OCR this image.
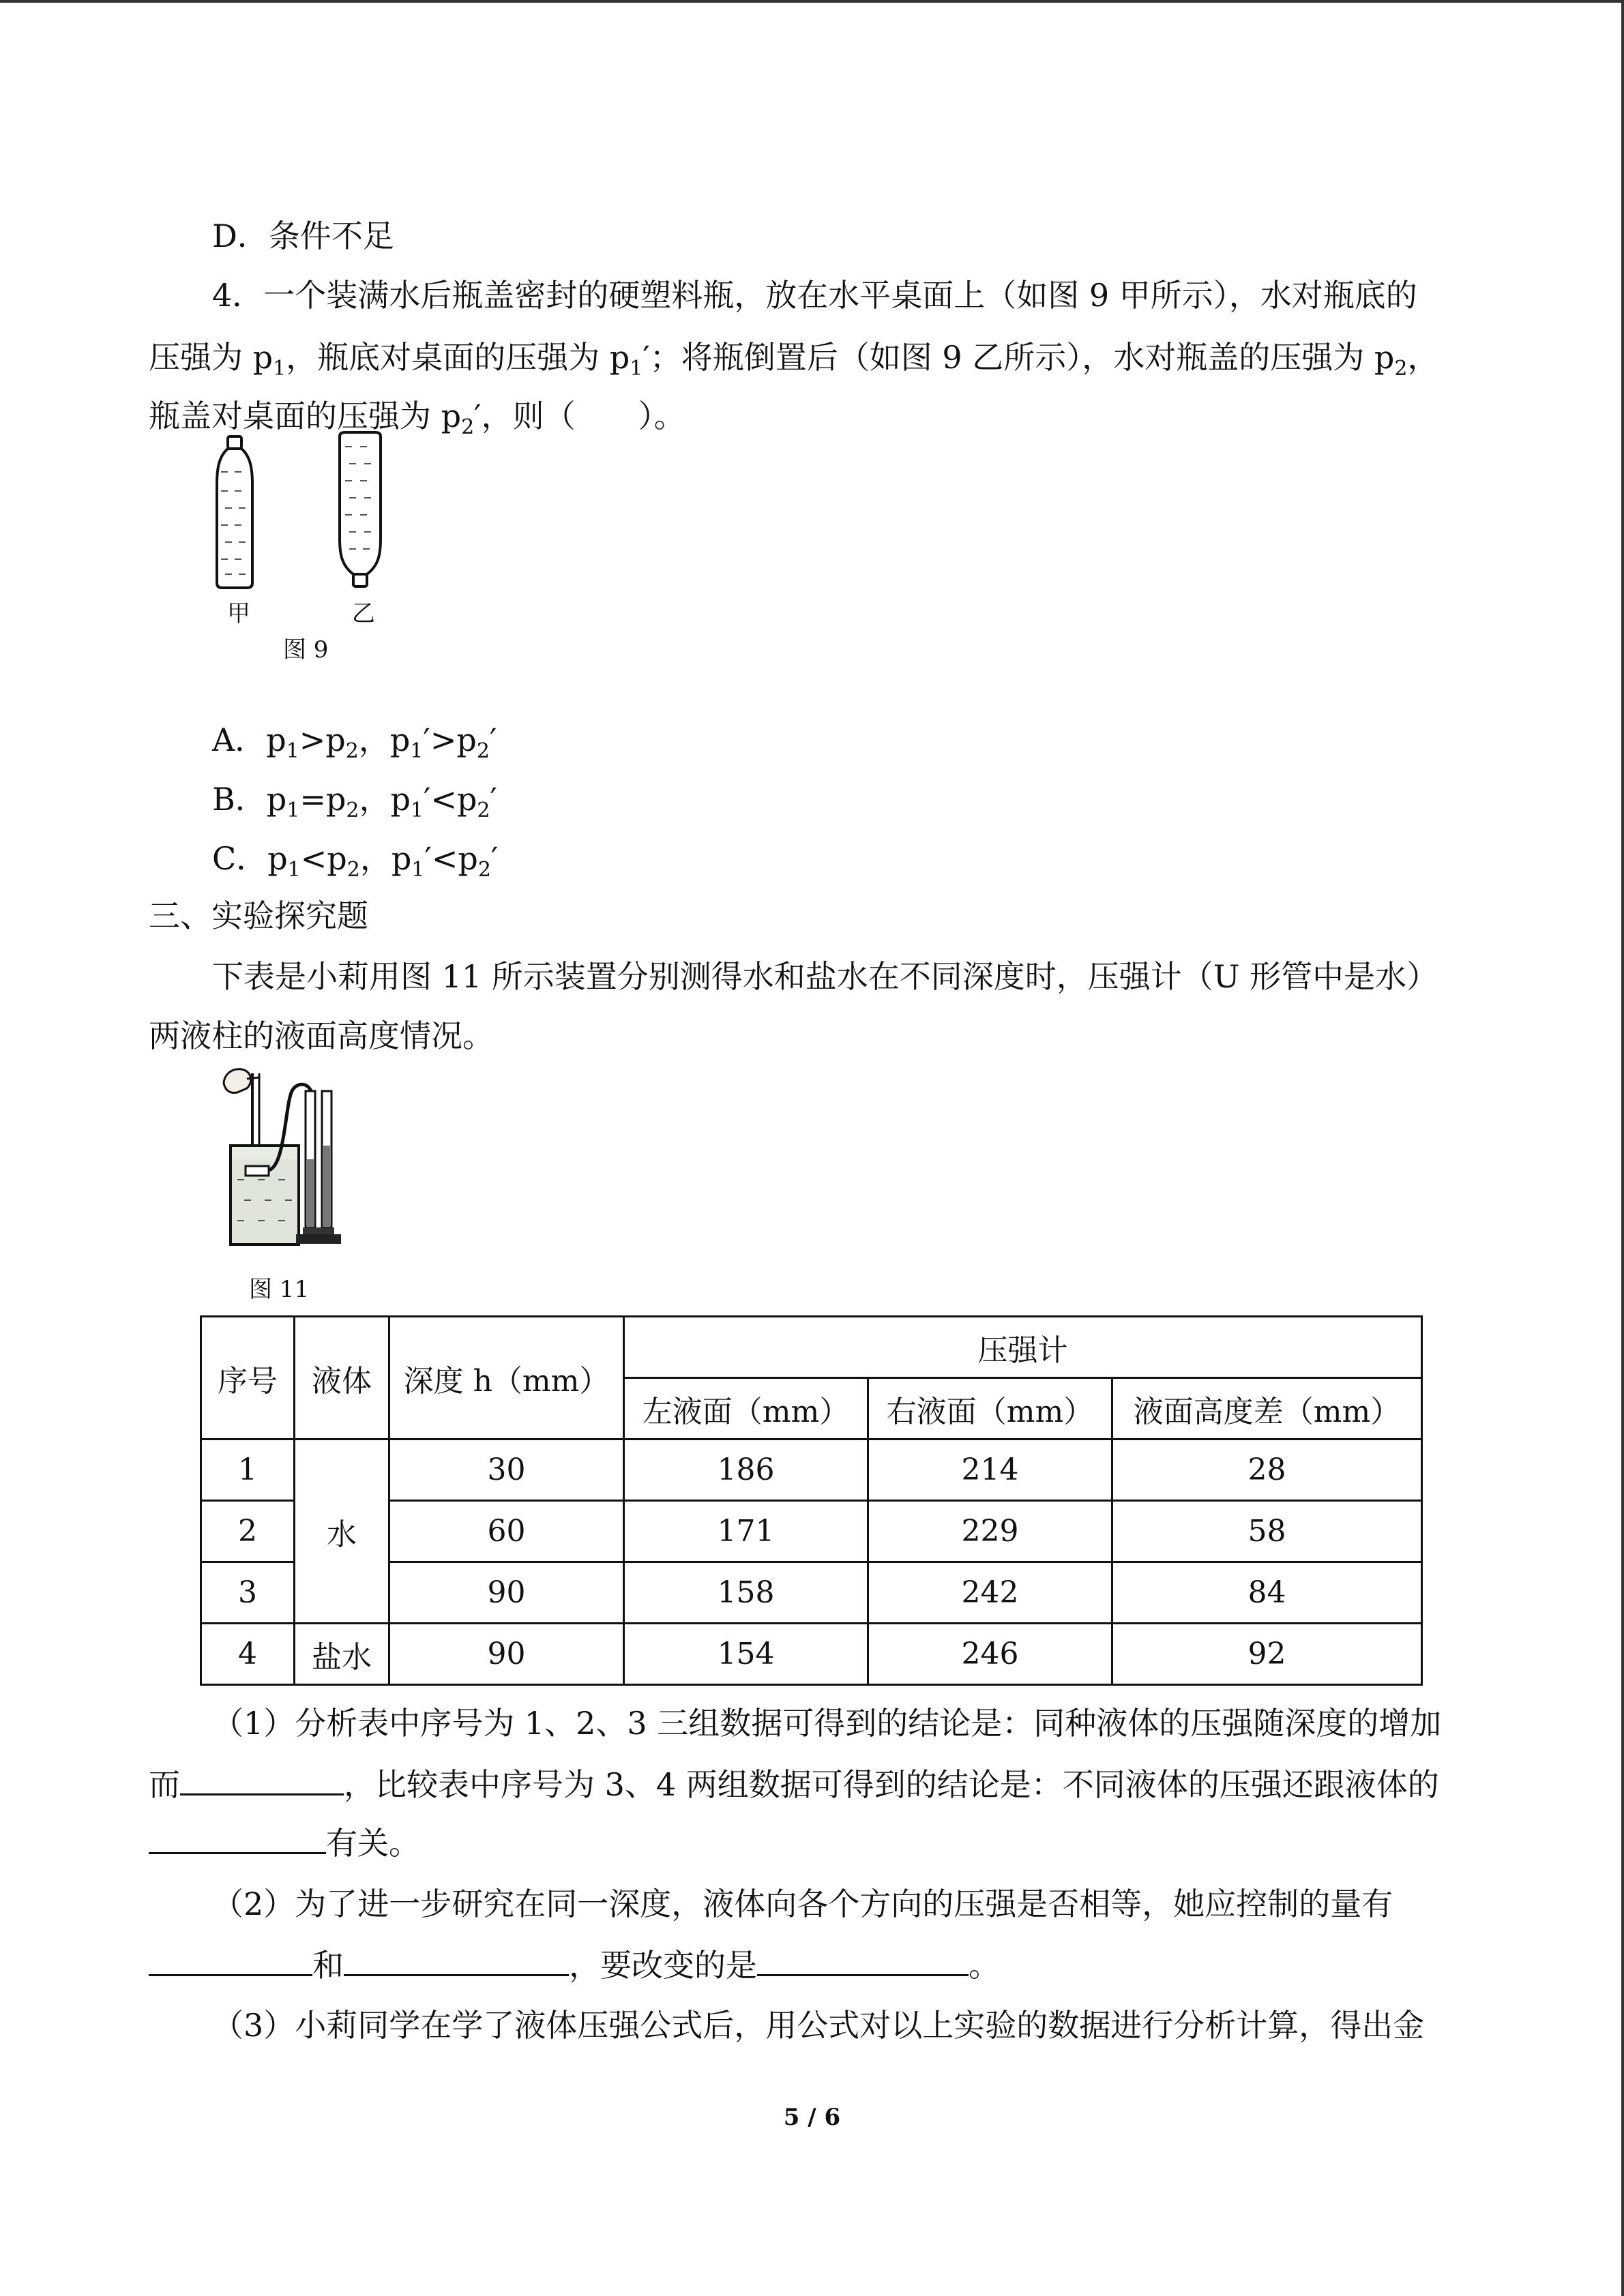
D．条件不足
4．一个装满水后瓶盖密封的硬塑料瓶，放在水平桌面上（如图 9 甲所示），水对瓶底的
压强为 $p_1$，瓶底对桌面的压强为 $p_1'$；将瓶倒置后（如图 9 乙所示），水对瓶盖的压强为 $p_2$，
瓶盖对桌面的压强为 $p_2'$，则（　　）。
甲	乙
图 9
A．$p_1>p_2$，$p_1'>p_2'$
B．$p_1=p_2$，$p_1'<p_2'$
C．$p_1<p_2$，$p_1'<p_2'$
三、实验探究题
下表是小莉用图 11 所示装置分别测得水和盐水在不同深度时，压强计（U 形管中是水）
两液柱的液面高度情况。
图 11
序号	液体	深度 h（mm）	压强计		
			左液面（mm）	右液面（mm）	液面高度差（mm）
1	水	30	186	214	28
2		60	171	229	58
3		90	158	242	84
4	盐水	90	154	246	92
（1）分析表中序号为 1、2、3 三组数据可得到的结论是：同种液体的压强随深度的增加
而	，比较表中序号为 3、4 两组数据可得到的结论是：不同液体的压强还跟液体的
有关。
（2）为了进一步研究在同一深度，液体向各个方向的压强是否相等，她应控制的量有
和	，要改变的是	。
（3）小莉同学在学了液体压强公式后，用公式对以上实验的数据进行分析计算，得出金
5 / 6
